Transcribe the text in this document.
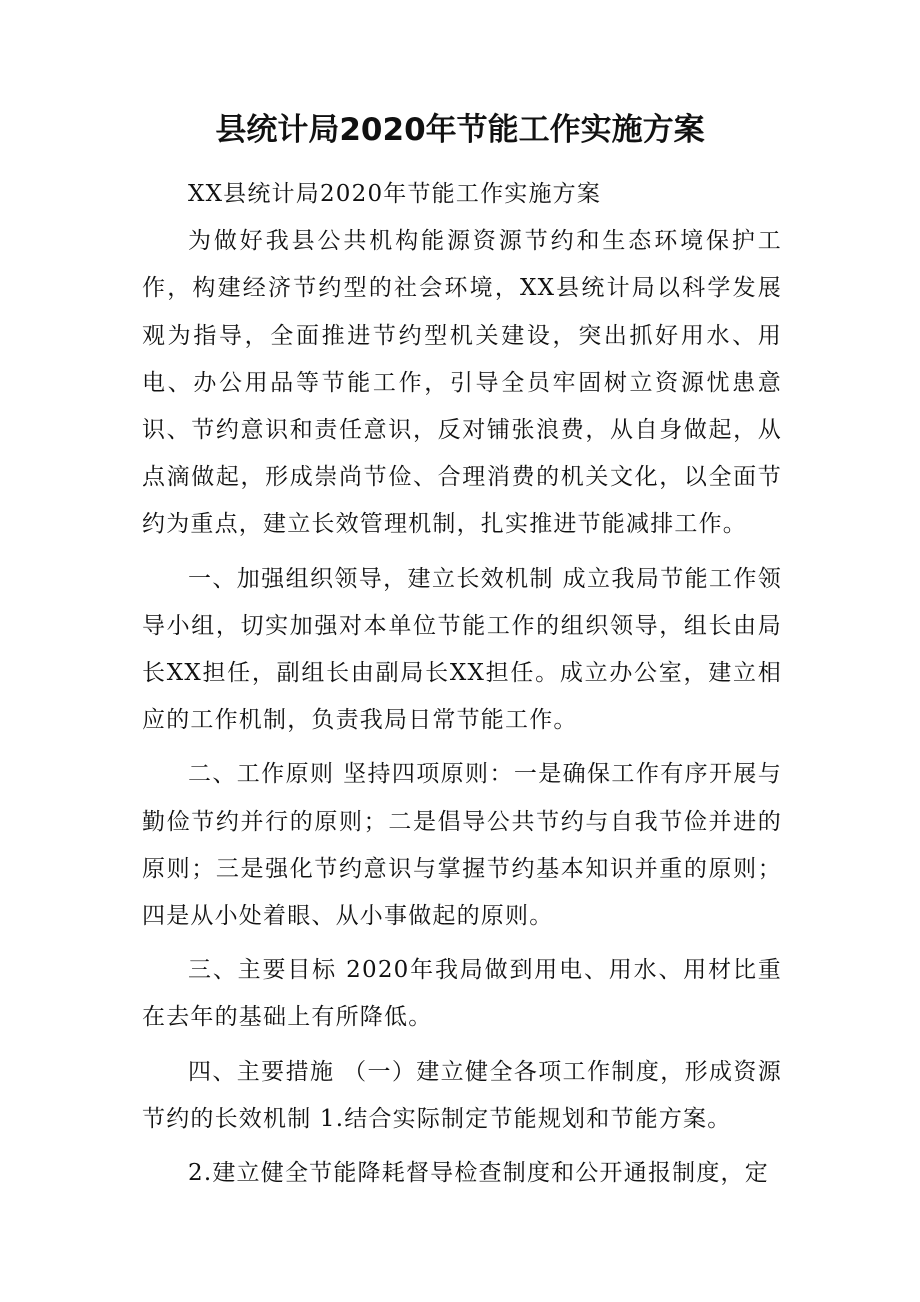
县统计局2020年节能工作实施方案

XX县统计局2020年节能工作实施方案

为做好我县公共机构能源资源节约和生态环境保护工作，构建经济节约型的社会环境，XX县统计局以科学发展观为指导，全面推进节约型机关建设，突出抓好用水、用电、办公用品等节能工作，引导全员牢固树立资源忧患意识、节约意识和责任意识，反对铺张浪费，从自身做起，从点滴做起，形成崇尚节俭、合理消费的机关文化，以全面节约为重点，建立长效管理机制，扎实推进节能减排工作。

一、加强组织领导，建立长效机制 成立我局节能工作领导小组，切实加强对本单位节能工作的组织领导，组长由局长XX担任，副组长由副局长XX担任。成立办公室，建立相应的工作机制，负责我局日常节能工作。

二、工作原则 坚持四项原则：一是确保工作有序开展与勤俭节约并行的原则；二是倡导公共节约与自我节俭并进的原则；三是强化节约意识与掌握节约基本知识并重的原则；四是从小处着眼、从小事做起的原则。

三、主要目标 2020年我局做到用电、用水、用材比重在去年的基础上有所降低。

四、主要措施 （一）建立健全各项工作制度，形成资源节约的长效机制 1.结合实际制定节能规划和节能方案。

2.建立健全节能降耗督导检查制度和公开通报制度，定
